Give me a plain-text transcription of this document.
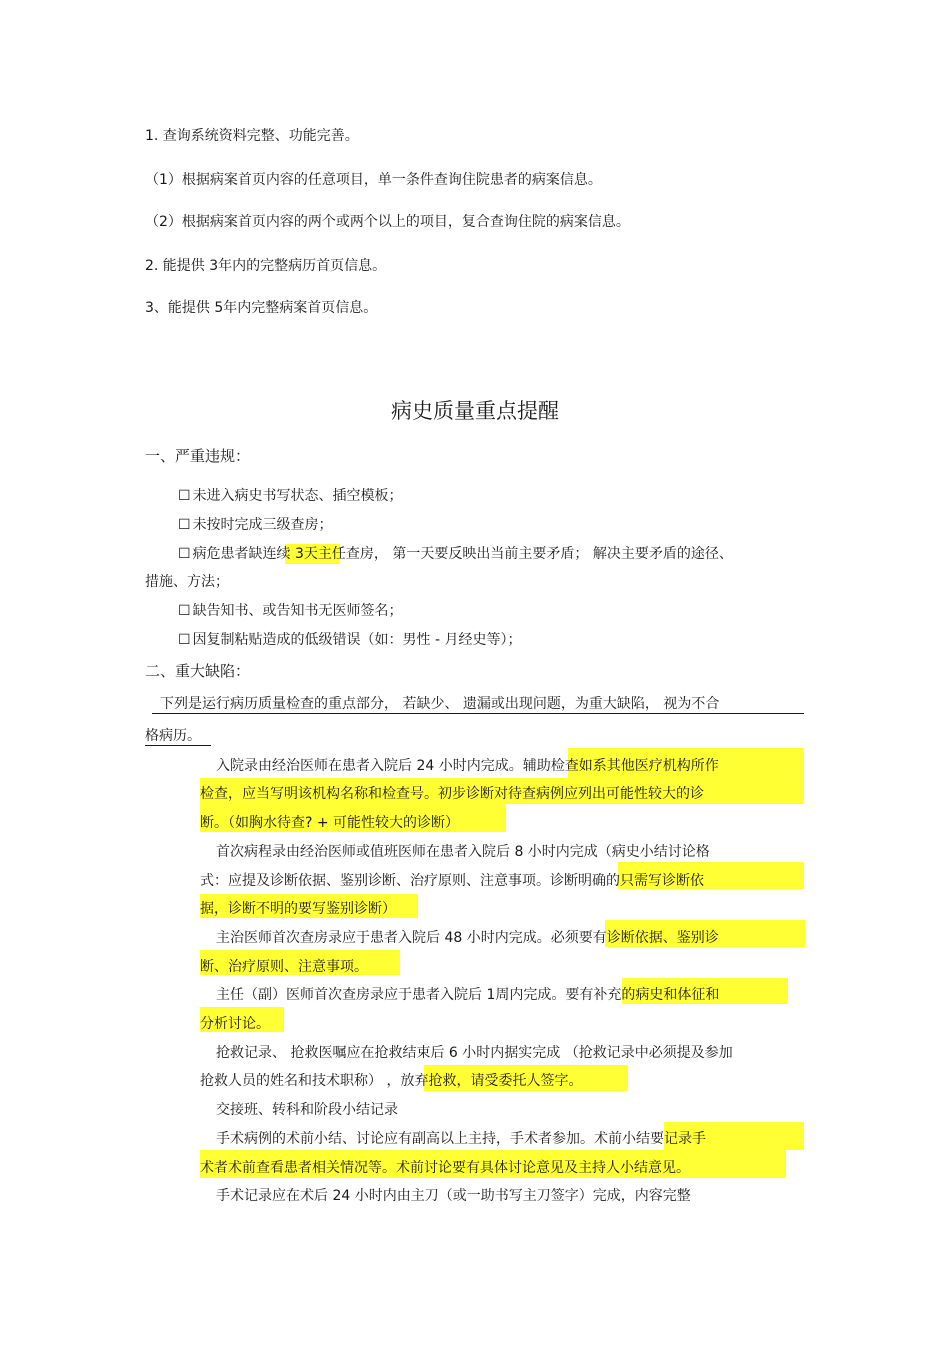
1. 查询系统资料完整、功能完善。
（1）根据病案首页内容的任意项目，单一条件查询住院患者的病案信息。
（2）根据病案首页内容的两个或两个以上的项目，复合查询住院的病案信息。
2. 能提供 3年内的完整病历首页信息。
3、能提供 5年内完整病案首页信息。
病史质量重点提醒
一、严重违规：
☐ 未进入病史书写状态、插空模板；
☐ 未按时完成三级查房；
☐ 病危患者缺连续 3天主任查房， 第一天要反映出当前主要矛盾； 解决主要矛盾的途径、
措施、方法；
☐ 缺告知书、或告知书无医师签名；
☐ 因复制粘贴造成的低级错误（如：男性 - 月经史等）；
二、重大缺陷：
下列是运行病历质量检查的重点部分， 若缺少、 遗漏或出现问题，为重大缺陷， 视为不合
格病历。
入院录由经治医师在患者入院后 24 小时内完成。辅助检查如系其他医疗机构所作
检查，应当写明该机构名称和检查号。初步诊断对待查病例应列出可能性较大的诊
断。（如胸水待查? + 可能性较大的诊断）
首次病程录由经治医师或值班医师在患者入院后 8 小时内完成（病史小结讨论格
式：应提及诊断依据、鉴别诊断、治疗原则、注意事项。诊断明确的只需写诊断依
据，诊断不明的要写鉴别诊断）
主治医师首次查房录应于患者入院后 48 小时内完成。必须要有诊断依据、鉴别诊
断、治疗原则、注意事项。
主任（副）医师首次查房录应于患者入院后 1周内完成。要有补充的病史和体征和
分析讨论。
抢救记录、 抢救医嘱应在抢救结束后 6 小时内据实完成 （抢救记录中必须提及参加
抢救人员的姓名和技术职称） ，放弃抢救，请受委托人签字。
交接班、转科和阶段小结记录
手术病例的术前小结、讨论应有副高以上主持，手术者参加。术前小结要记录手
术者术前查看患者相关情况等。术前讨论要有具体讨论意见及主持人小结意见。
手术记录应在术后 24 小时内由主刀（或一助书写主刀签字）完成，内容完整
